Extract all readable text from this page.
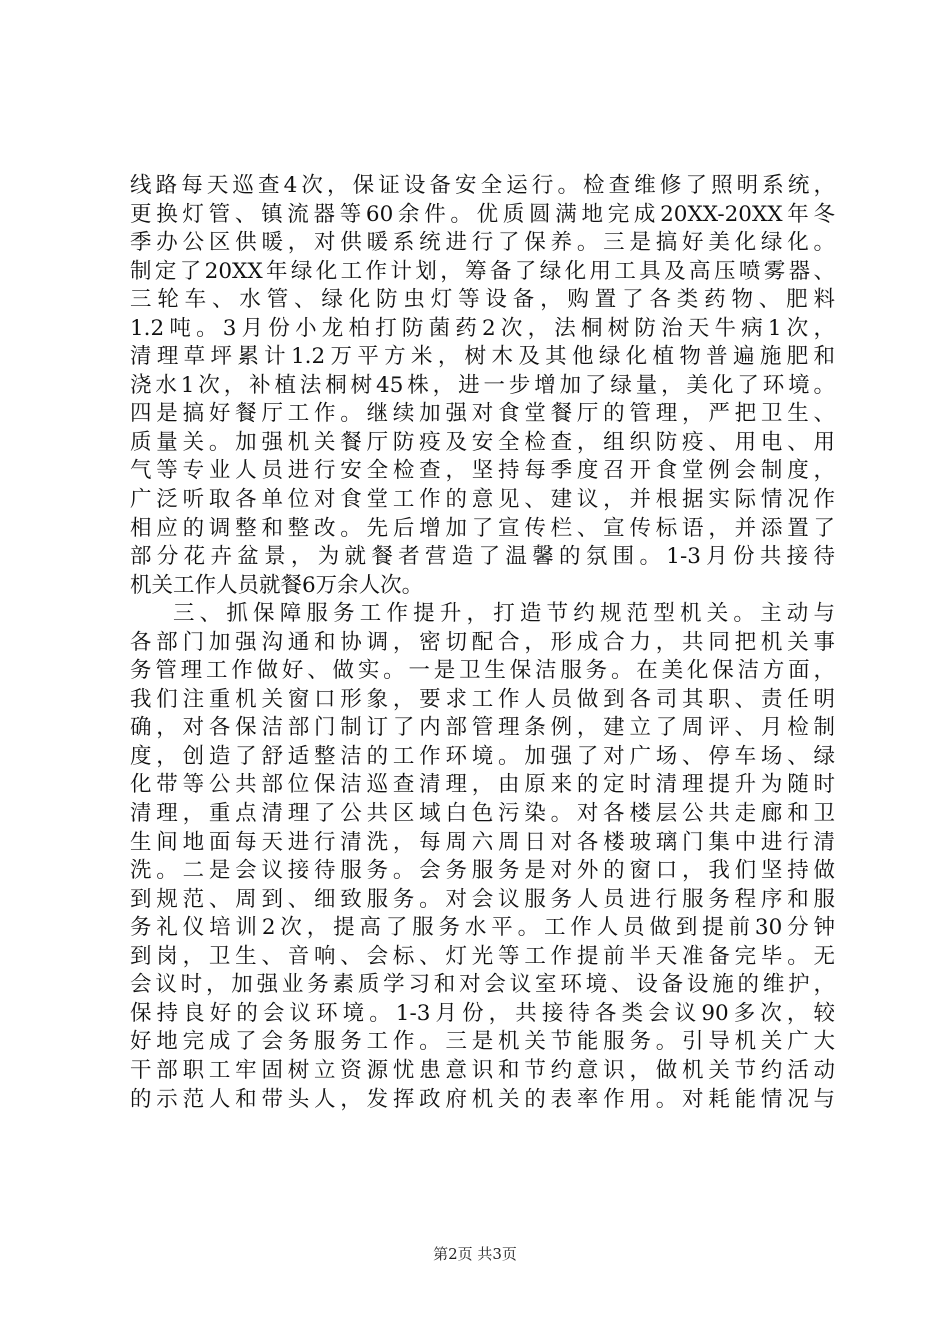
线路每天巡查4次，保证设备安全运行。检查维修了照明系统，
更换灯管、镇流器等60余件。优质圆满地完成20XX-20XX年冬
季办公区供暖，对供暖系统进行了保养。三是搞好美化绿化。
制定了20XX年绿化工作计划，筹备了绿化用工具及高压喷雾器、
三轮车、水管、绿化防虫灯等设备，购置了各类药物、肥料
1.2吨。3月份小龙柏打防菌药2次，法桐树防治天牛病1次，
清理草坪累计1.2万平方米，树木及其他绿化植物普遍施肥和
浇水1次，补植法桐树45株，进一步增加了绿量，美化了环境。
四是搞好餐厅工作。继续加强对食堂餐厅的管理，严把卫生、
质量关。加强机关餐厅防疫及安全检查，组织防疫、用电、用
气等专业人员进行安全检查，坚持每季度召开食堂例会制度，
广泛听取各单位对食堂工作的意见、建议，并根据实际情况作
相应的调整和整改。先后增加了宣传栏、宣传标语，并添置了
部分花卉盆景，为就餐者营造了温馨的氛围。1-3月份共接待
机关工作人员就餐6万余人次。
三、抓保障服务工作提升，打造节约规范型机关。主动与
各部门加强沟通和协调，密切配合，形成合力，共同把机关事
务管理工作做好、做实。一是卫生保洁服务。在美化保洁方面，
我们注重机关窗口形象，要求工作人员做到各司其职、责任明
确，对各保洁部门制订了内部管理条例，建立了周评、月检制
度，创造了舒适整洁的工作环境。加强了对广场、停车场、绿
化带等公共部位保洁巡查清理，由原来的定时清理提升为随时
清理，重点清理了公共区域白色污染。对各楼层公共走廊和卫
生间地面每天进行清洗，每周六周日对各楼玻璃门集中进行清
洗。二是会议接待服务。会务服务是对外的窗口，我们坚持做
到规范、周到、细致服务。对会议服务人员进行服务程序和服
务礼仪培训2次，提高了服务水平。工作人员做到提前30分钟
到岗，卫生、音响、会标、灯光等工作提前半天准备完毕。无
会议时，加强业务素质学习和对会议室环境、设备设施的维护，
保持良好的会议环境。1-3月份，共接待各类会议90多次，较
好地完成了会务服务工作。三是机关节能服务。引导机关广大
干部职工牢固树立资源忧患意识和节约意识，做机关节约活动
的示范人和带头人，发挥政府机关的表率作用。对耗能情况与
第2页 共3页
